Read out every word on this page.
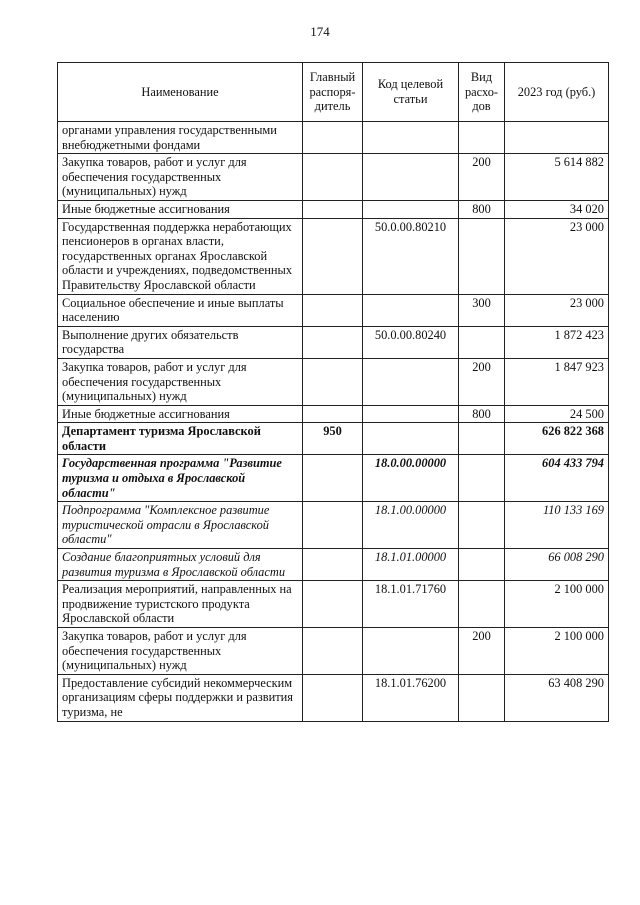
174
Наименование	Главный распоря-дитель	Код целевой статьи	Вид расхо-дов	2023 год (руб.)
органами управления государственными внебюджетными фондами				
Закупка товаров, работ и услуг для обеспечения государственных (муниципальных) нужд			200	5 614 882
Иные бюджетные ассигнования			800	34 020
Государственная поддержка неработающих пенсионеров в органах власти, государственных органах Ярославской области и учреждениях, подведомственных Правительству Ярославской области		50.0.00.80210		23 000
Социальное обеспечение и иные выплаты населению			300	23 000
Выполнение других обязательств государства		50.0.00.80240		1 872 423
Закупка товаров, работ и услуг для обеспечения государственных (муниципальных) нужд			200	1 847 923
Иные бюджетные ассигнования			800	24 500
Департамент туризма Ярославской области	950			626 822 368
Государственная программа "Развитие туризма и отдыха в Ярославской области"		18.0.00.00000		604 433 794
Подпрограмма "Комплексное развитие туристической отрасли в Ярославской области"		18.1.00.00000		110 133 169
Создание благоприятных условий для развития туризма в Ярославской области		18.1.01.00000		66 008 290
Реализация мероприятий, направленных на продвижение туристского продукта Ярославской области		18.1.01.71760		2 100 000
Закупка товаров, работ и услуг для обеспечения государственных (муниципальных) нужд			200	2 100 000
Предоставление субсидий некоммерческим организациям сферы поддержки и развития туризма, не		18.1.01.76200		63 408 290
